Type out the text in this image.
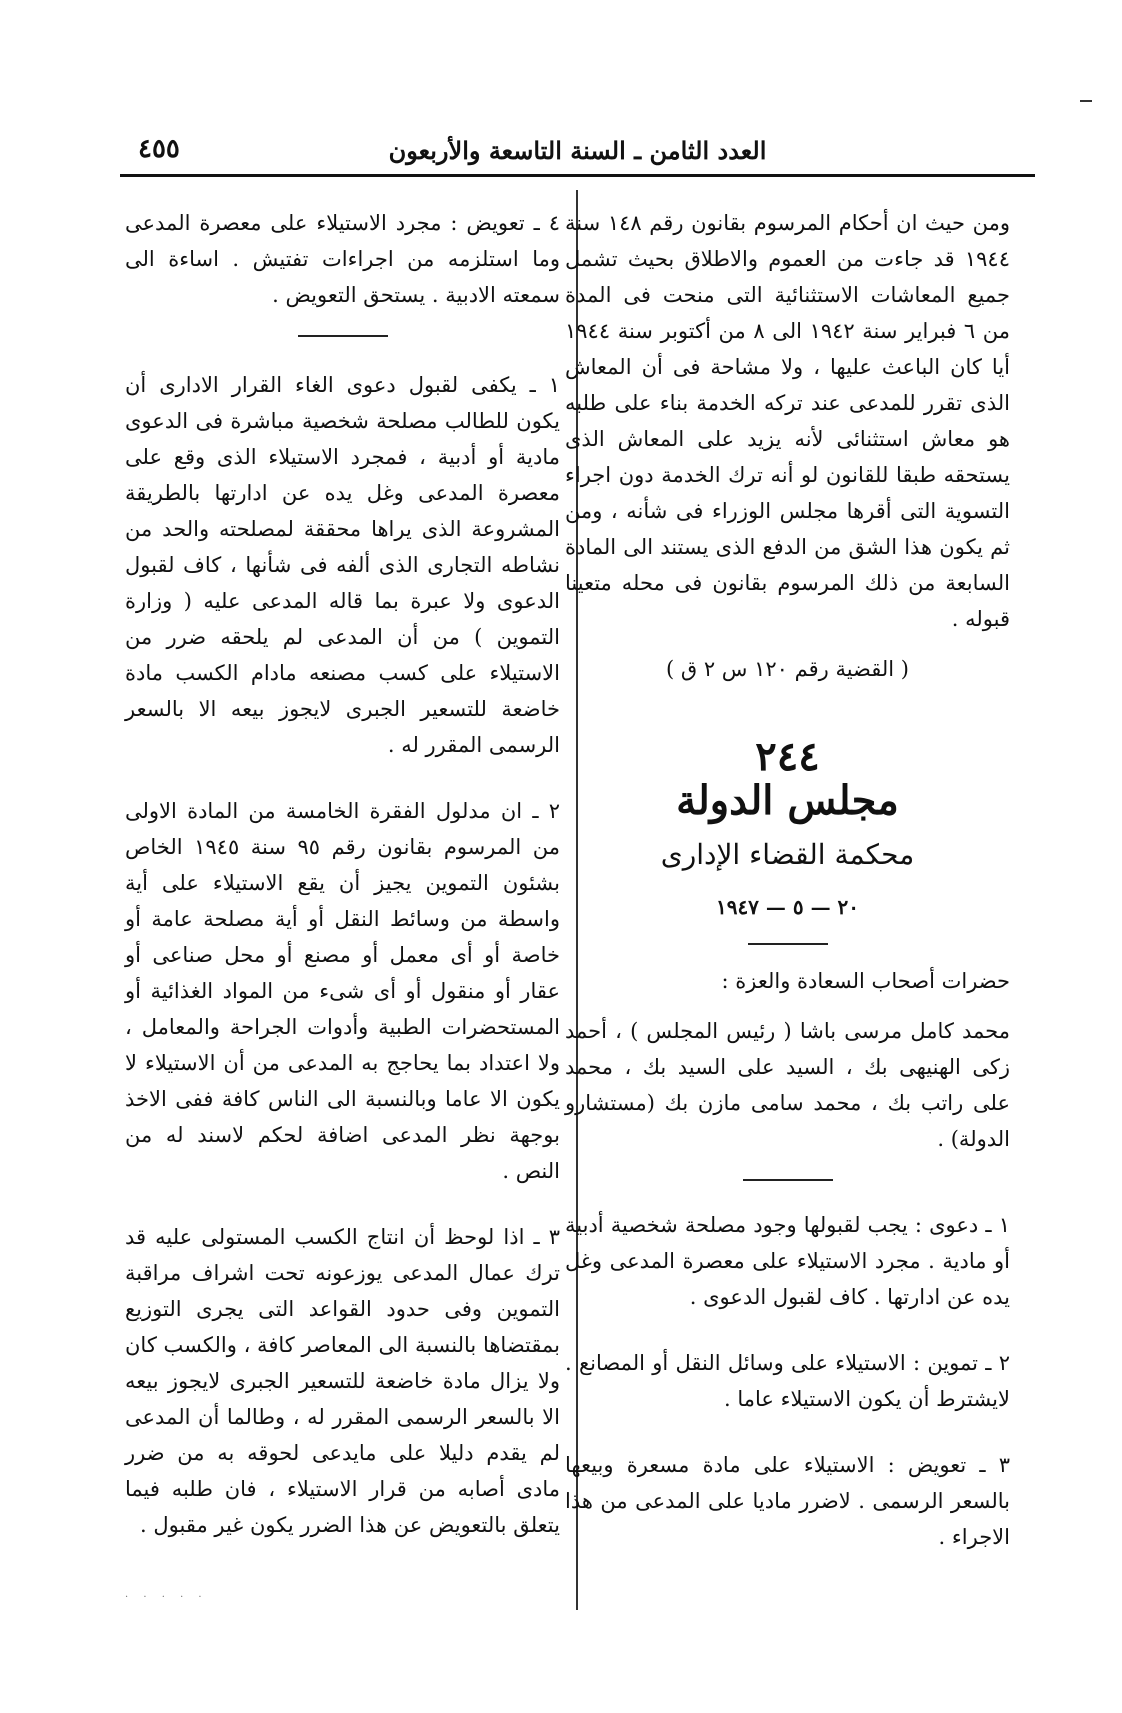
العدد الثامن ـ السنة التاسعة والأربعون
٤٥٥

ومن حيث ان أحكام المرسوم بقانون رقم ١٤٨ سنة ١٩٤٤ قد جاءت من العموم والاطلاق بحيث تشمل جميع المعاشات الاستثنائية التى منحت فى المدة من ٦ فبراير سنة ١٩٤٢ الى ٨ من أكتوبر سنة ١٩٤٤ أيا كان الباعث عليها ، ولا مشاحة فى أن المعاش الذى تقرر للمدعى عند تركه الخدمة بناء على طلبه هو معاش استثنائى لأنه يزيد على المعاش الذى يستحقه طبقا للقانون لو أنه ترك الخدمة دون اجراء التسوية التى أقرها مجلس الوزراء فى شأنه ، ومن ثم يكون هذا الشق من الدفع الذى يستند الى المادة السابعة من ذلك المرسوم بقانون فى محله متعينا قبوله .

( القضية رقم ١٢٠ س ٢ ق )

٢٤٤
مجلس الدولة
محكمة القضاء الإدارى
٢٠ — ٥ — ١٩٤٧

حضرات أصحاب السعادة والعزة :

محمد كامل مرسى باشا ( رئيس المجلس ) ، أحمد زكى الهنيهى بك ، السيد على السيد بك ، محمد على راتب بك ، محمد سامى مازن بك (مستشارو الدولة) .

١ ـ دعوى : يجب لقبولها وجود مصلحة شخصية أدبية أو مادية . مجرد الاستيلاء على معصرة المدعى وغل يده عن ادارتها . كاف لقبول الدعوى .

٢ ـ تموين : الاستيلاء على وسائل النقل أو المصانع . لايشترط أن يكون الاستيلاء عاما .

٣ ـ تعويض : الاستيلاء على مادة مسعرة وبيعها بالسعر الرسمى . لاضرر ماديا على المدعى من هذا الاجراء .

٤ ـ تعويض : مجرد الاستيلاء على معصرة المدعى وما استلزمه من اجراءات تفتيش . اساءة الى سمعته الادبية . يستحق التعويض .

١ ـ يكفى لقبول دعوى الغاء القرار الادارى أن يكون للطالب مصلحة شخصية مباشرة فى الدعوى مادية أو أدبية ، فمجرد الاستيلاء الذى وقع على معصرة المدعى وغل يده عن ادارتها بالطريقة المشروعة الذى يراها محققة لمصلحته والحد من نشاطه التجارى الذى ألفه فى شأنها ، كاف لقبول الدعوى ولا عبرة بما قاله المدعى عليه ( وزارة التموين ) من أن المدعى لم يلحقه ضرر من الاستيلاء على كسب مصنعه مادام الكسب مادة خاضعة للتسعير الجبرى لايجوز بيعه الا بالسعر الرسمى المقرر له .

٢ ـ ان مدلول الفقرة الخامسة من المادة الاولى من المرسوم بقانون رقم ٩٥ سنة ١٩٤٥ الخاص بشئون التموين يجيز أن يقع الاستيلاء على أية واسطة من وسائط النقل أو أية مصلحة عامة أو خاصة أو أى معمل أو مصنع أو محل صناعى أو عقار أو منقول أو أى شىء من المواد الغذائية أو المستحضرات الطبية وأدوات الجراحة والمعامل ، ولا اعتداد بما يحاجج به المدعى من أن الاستيلاء لا يكون الا عاما وبالنسبة الى الناس كافة ففى الاخذ بوجهة نظر المدعى اضافة لحكم لاسند له من النص .

٣ ـ اذا لوحظ أن انتاج الكسب المستولى عليه قد ترك عمال المدعى يوزعونه تحت اشراف مراقبة التموين وفى حدود القواعد التى يجرى التوزيع بمقتضاها بالنسبة الى المعاصر كافة ، والكسب كان ولا يزال مادة خاضعة للتسعير الجبرى لايجوز بيعه الا بالسعر الرسمى المقرر له ، وطالما أن المدعى لم يقدم دليلا على مايدعى لحوقه به من ضرر مادى أصابه من قرار الاستيلاء ، فان طلبه فيما يتعلق بالتعويض عن هذا الضرر يكون غير مقبول .

· · · · ·
